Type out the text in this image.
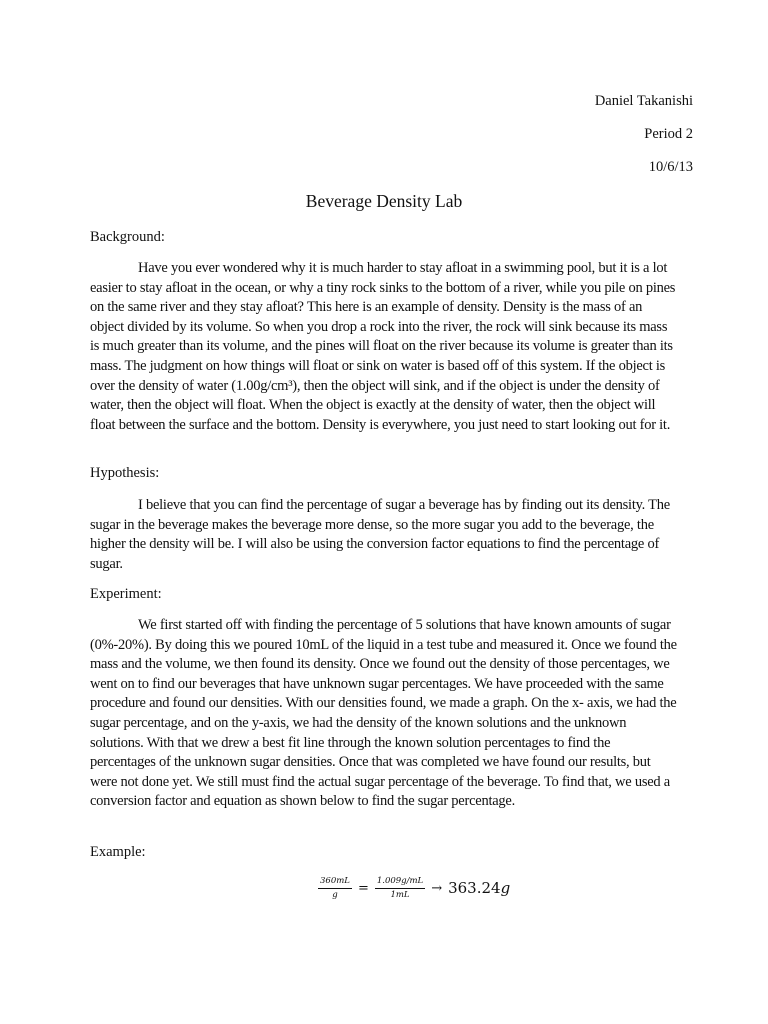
Daniel Takanishi
Period 2
10/6/13
Beverage Density Lab
Background:
Have you ever wondered why it is much harder to stay afloat in a swimming pool, but it is a lot easier to stay afloat in the ocean, or why a tiny rock sinks to the bottom of a river, while you pile on pines on the same river and they stay afloat? This here is an example of density. Density is the mass of an object divided by its volume. So when you drop a rock into the river, the rock will sink because its mass is much greater than its volume, and the pines will float on the river because its volume is greater than its mass. The judgment on how things will float or sink on water is based off of this system. If the object is over the density of water (1.00g/cm³), then the object will sink, and if the object is under the density of water, then the object will float. When the object is exactly at the density of water, then the object will float between the surface and the bottom. Density is everywhere, you just need to start looking out for it.
Hypothesis:
I believe that you can find the percentage of sugar a beverage has by finding out its density. The sugar in the beverage makes the beverage more dense, so the more sugar you add to the beverage, the higher the density will be. I will also be using the conversion factor equations to find the percentage of sugar.
Experiment:
We first started off with finding the percentage of 5 solutions that have known amounts of sugar (0%-20%). By doing this we poured 10mL of the liquid in a test tube and measured it. Once we found the mass and the volume, we then found its density. Once we found out the density of those percentages, we went on to find our beverages that have unknown sugar percentages. We have proceeded with the same procedure and found our densities. With our densities found, we made a graph. On the x- axis, we had the sugar percentage, and on the y-axis, we had the density of the known solutions and the unknown solutions. With that we drew a best fit line through the known solution percentages to find the percentages of the unknown sugar densities. Once that was completed we have found our results, but were not done yet. We still must find the actual sugar percentage of the beverage. To find that, we used a conversion factor and equation as shown below to find the sugar percentage.
Example:
$\frac{360mL}{g} = \frac{1.009g/mL}{1mL} \to 363.24g$
